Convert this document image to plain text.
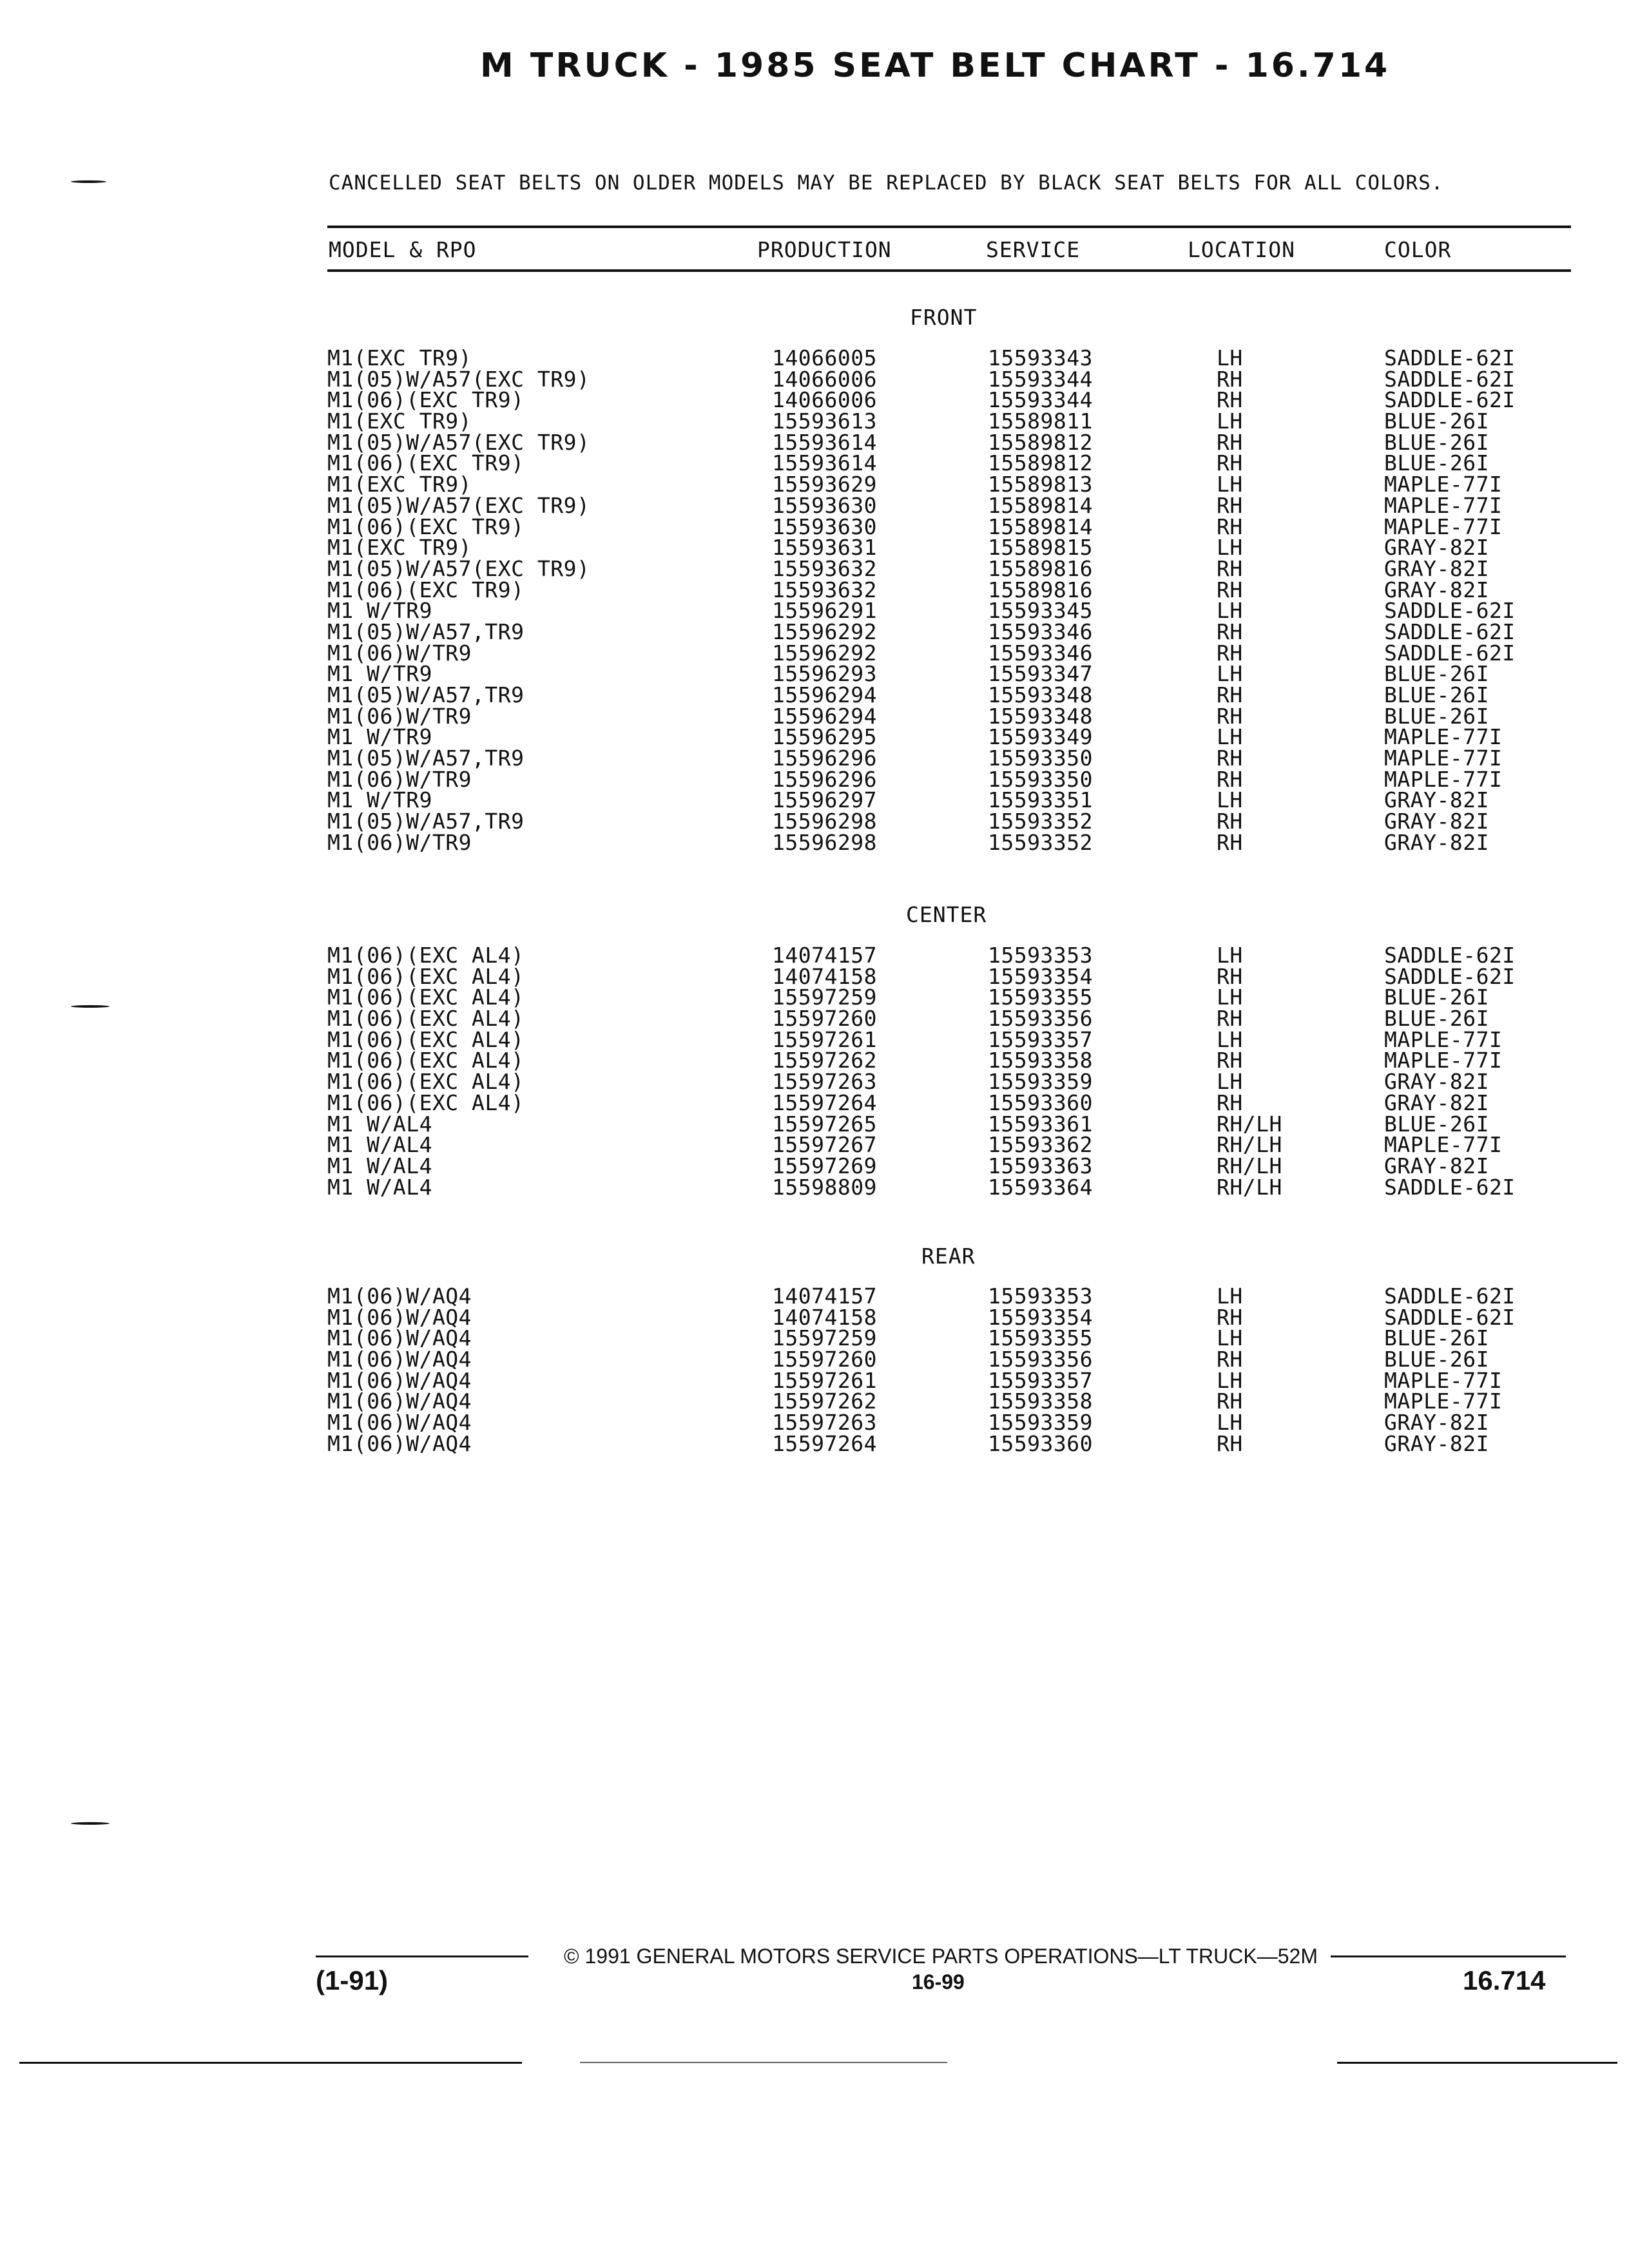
M TRUCK - 1985 SEAT BELT CHART - 16.714
CANCELLED SEAT BELTS ON OLDER MODELS MAY BE REPLACED BY BLACK SEAT BELTS FOR ALL COLORS.
MODEL & RPO	PRODUCTION	SERVICE	LOCATION	COLOR
FRONT
M1(EXC TR9)	14066005	15593343	LH	SADDLE-62I
M1(05)W/A57(EXC TR9)	14066006	15593344	RH	SADDLE-62I
M1(06)(EXC TR9)	14066006	15593344	RH	SADDLE-62I
M1(EXC TR9)	15593613	15589811	LH	BLUE-26I
M1(05)W/A57(EXC TR9)	15593614	15589812	RH	BLUE-26I
M1(06)(EXC TR9)	15593614	15589812	RH	BLUE-26I
M1(EXC TR9)	15593629	15589813	LH	MAPLE-77I
M1(05)W/A57(EXC TR9)	15593630	15589814	RH	MAPLE-77I
M1(06)(EXC TR9)	15593630	15589814	RH	MAPLE-77I
M1(EXC TR9)	15593631	15589815	LH	GRAY-82I
M1(05)W/A57(EXC TR9)	15593632	15589816	RH	GRAY-82I
M1(06)(EXC TR9)	15593632	15589816	RH	GRAY-82I
M1 W/TR9	15596291	15593345	LH	SADDLE-62I
M1(05)W/A57,TR9	15596292	15593346	RH	SADDLE-62I
M1(06)W/TR9	15596292	15593346	RH	SADDLE-62I
M1 W/TR9	15596293	15593347	LH	BLUE-26I
M1(05)W/A57,TR9	15596294	15593348	RH	BLUE-26I
M1(06)W/TR9	15596294	15593348	RH	BLUE-26I
M1 W/TR9	15596295	15593349	LH	MAPLE-77I
M1(05)W/A57,TR9	15596296	15593350	RH	MAPLE-77I
M1(06)W/TR9	15596296	15593350	RH	MAPLE-77I
M1 W/TR9	15596297	15593351	LH	GRAY-82I
M1(05)W/A57,TR9	15596298	15593352	RH	GRAY-82I
M1(06)W/TR9	15596298	15593352	RH	GRAY-82I
CENTER
M1(06)(EXC AL4)	14074157	15593353	LH	SADDLE-62I
M1(06)(EXC AL4)	14074158	15593354	RH	SADDLE-62I
M1(06)(EXC AL4)	15597259	15593355	LH	BLUE-26I
M1(06)(EXC AL4)	15597260	15593356	RH	BLUE-26I
M1(06)(EXC AL4)	15597261	15593357	LH	MAPLE-77I
M1(06)(EXC AL4)	15597262	15593358	RH	MAPLE-77I
M1(06)(EXC AL4)	15597263	15593359	LH	GRAY-82I
M1(06)(EXC AL4)	15597264	15593360	RH	GRAY-82I
M1 W/AL4	15597265	15593361	RH/LH	BLUE-26I
M1 W/AL4	15597267	15593362	RH/LH	MAPLE-77I
M1 W/AL4	15597269	15593363	RH/LH	GRAY-82I
M1 W/AL4	15598809	15593364	RH/LH	SADDLE-62I
REAR
M1(06)W/AQ4	14074157	15593353	LH	SADDLE-62I
M1(06)W/AQ4	14074158	15593354	RH	SADDLE-62I
M1(06)W/AQ4	15597259	15593355	LH	BLUE-26I
M1(06)W/AQ4	15597260	15593356	RH	BLUE-26I
M1(06)W/AQ4	15597261	15593357	LH	MAPLE-77I
M1(06)W/AQ4	15597262	15593358	RH	MAPLE-77I
M1(06)W/AQ4	15597263	15593359	LH	GRAY-82I
M1(06)W/AQ4	15597264	15593360	RH	GRAY-82I
© 1991 GENERAL MOTORS SERVICE PARTS OPERATIONS—LT TRUCK—52M
(1-91)	16-99	16.714
